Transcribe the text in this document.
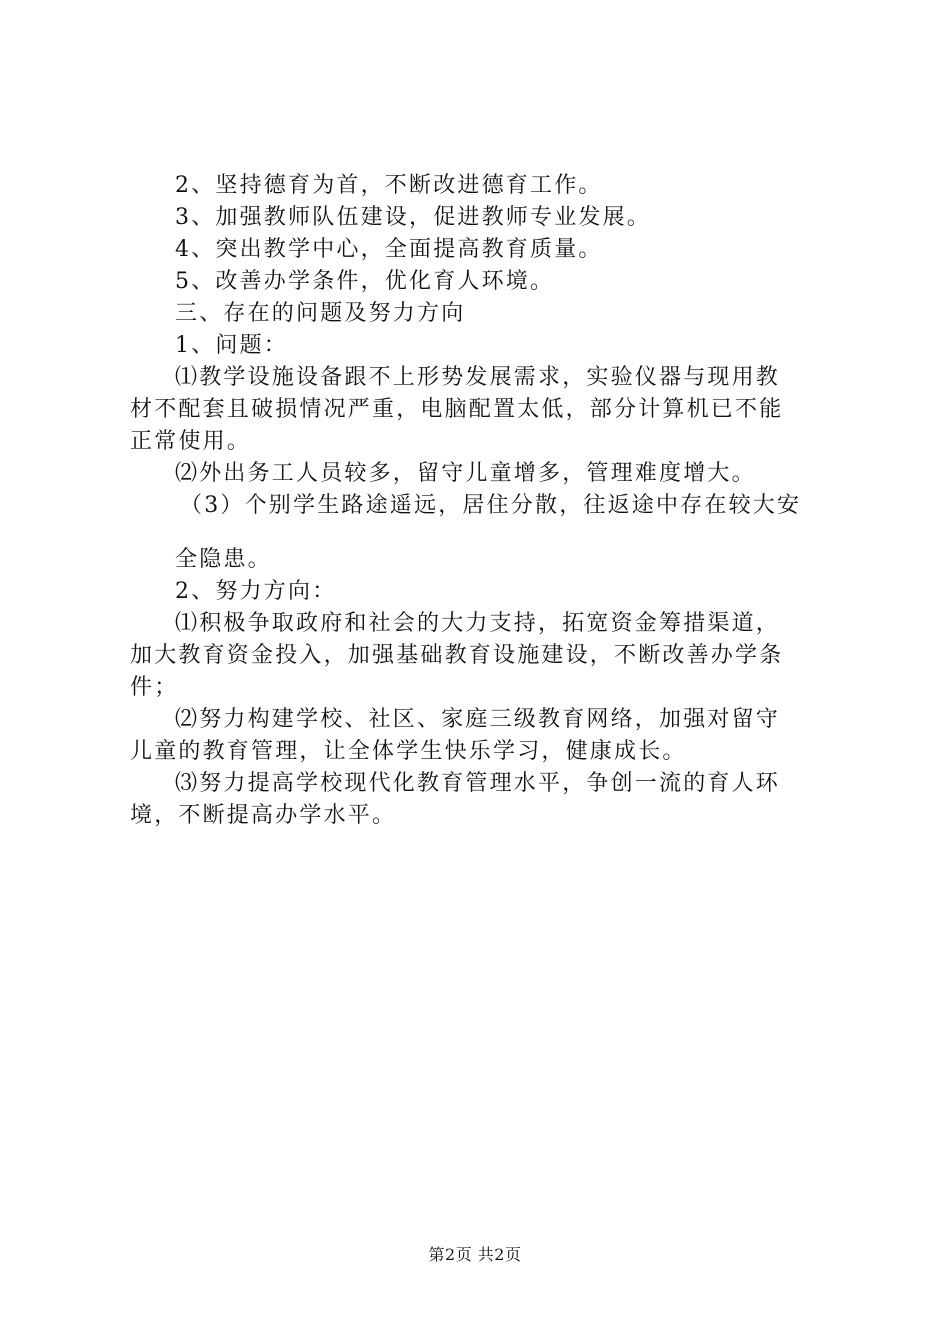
2、坚持德育为首，不断改进德育工作。
3、加强教师队伍建设，促进教师专业发展。
4、突出教学中心，全面提高教育质量。
5、改善办学条件，优化育人环境。
三、存在的问题及努力方向
1、问题：
⑴教学设施设备跟不上形势发展需求，实验仪器与现用教
材不配套且破损情况严重，电脑配置太低，部分计算机已不能
正常使用。
⑵外出务工人员较多，留守儿童增多，管理难度增大。
（3）个别学生路途遥远，居住分散，往返途中存在较大安
全隐患。
2、努力方向：
⑴积极争取政府和社会的大力支持，拓宽资金筹措渠道，
加大教育资金投入，加强基础教育设施建设，不断改善办学条
件；
⑵努力构建学校、社区、家庭三级教育网络，加强对留守
儿童的教育管理，让全体学生快乐学习，健康成长。
⑶努力提高学校现代化教育管理水平，争创一流的育人环
境，不断提高办学水平。
第2页 共2页
